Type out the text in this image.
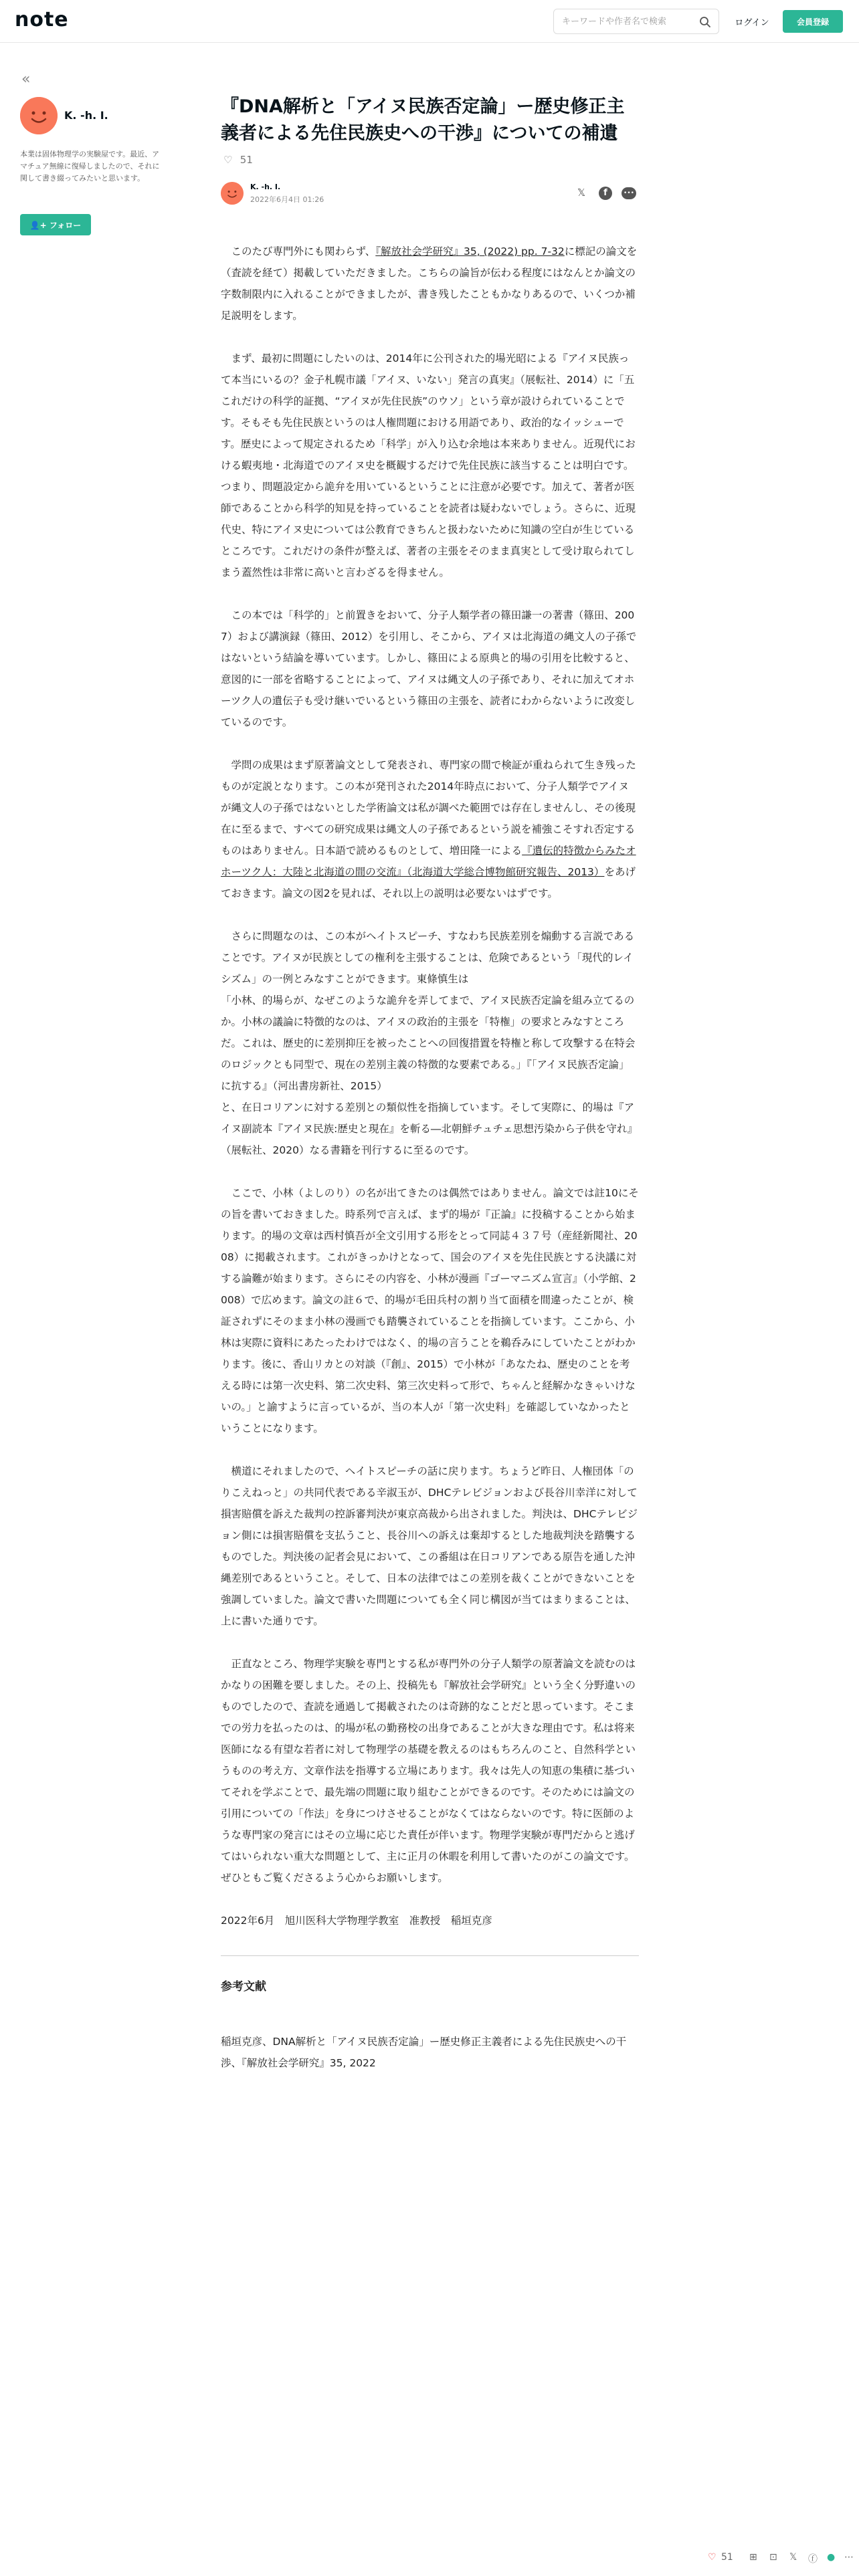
note
キーワードや作者名で検索	ログイン	会員登録
«
K. -h. I.
本業は固体物理学の実験屋です。最近、アマチュア無線に復帰しましたので、それに関して書き綴ってみたいと思います。
👤+ フォロー
『DNA解析と「アイヌ民族否定論」ー歴史修正主義者による先住民族史への干渉』についての補遺
♡ 51
K. -h. I.
2022年6月4日 01:26
𝕏 f	•••

このたび専門外にも関わらず、『解放社会学研究』35, (2022) pp. 7-32に標記の論文を（査読を経て）掲載していただきました。こちらの論旨が伝わる程度にはなんとか論文の字数制限内に入れることができましたが、書き残したこともかなりあるので、いくつか補足説明をします。

まず、最初に問題にしたいのは、2014年に公刊された的場光昭による『アイヌ民族って本当にいるの？金子札幌市議「アイヌ、いない」発言の真実』（展転社、2014）に「五　これだけの科学的証拠、“アイヌが先住民族”のウソ」という章が設けられていることです。そもそも先住民族というのは人権問題における用語であり、政治的なイッシューです。歴史によって規定されるため「科学」が入り込む余地は本来ありません。近現代における蝦夷地・北海道でのアイヌ史を概観するだけで先住民族に該当することは明白です。つまり、問題設定から詭弁を用いているということに注意が必要です。加えて、著者が医師であることから科学的知見を持っていることを読者は疑わないでしょう。さらに、近現代史、特にアイヌ史については公教育できちんと扱わないために知識の空白が生じているところです。これだけの条件が整えば、著者の主張をそのまま真実として受け取られてしまう蓋然性は非常に高いと言わざるを得ません。

この本では「科学的」と前置きをおいて、分子人類学者の篠田謙一の著書（篠田、2007）および講演録（篠田、2012）を引用し、そこから、アイヌは北海道の縄文人の子孫ではないという結論を導いています。しかし、篠田による原典と的場の引用を比較すると、意図的に一部を省略することによって、アイヌは縄文人の子孫であり、それに加えてオホーツク人の遺伝子も受け継いでいるという篠田の主張を、読者にわからないように改変しているのです。

学問の成果はまず原著論文として発表され、専門家の間で検証が重ねられて生き残ったものが定説となります。この本が発刊された2014年時点において、分子人類学でアイヌが縄文人の子孫ではないとした学術論文は私が調べた範囲では存在しませんし、その後現在に至るまで、すべての研究成果は縄文人の子孫であるという説を補強こそすれ否定するものはありません。日本語で読めるものとして、増田隆一による『遺伝的特徴からみたオホーツク人：大陸と北海道の間の交流』（北海道大学総合博物館研究報告、2013）をあげておきます。論文の図2を見れば、それ以上の説明は必要ないはずです。

さらに問題なのは、この本がヘイトスピーチ、すなわち民族差別を煽動する言説であることです。アイヌが民族としての権利を主張することは、危険であるという「現代的レイシズム」の一例とみなすことができます。東條慎生は

「小林、的場らが、なぜこのような詭弁を弄してまで、アイヌ民族否定論を組み立てるのか。小林の議論に特徴的なのは、アイヌの政治的主張を「特権」の要求とみなすところだ。これは、歴史的に差別抑圧を被ったことへの回復措置を特権と称して攻撃する在特会のロジックとも同型で、現在の差別主義の特徴的な要素である。」『「アイヌ民族否定論」に抗する』（河出書房新社、2015）

と、在日コリアンに対する差別との類似性を指摘しています。そして実際に、的場は『アイヌ副読本『アイヌ民族:歴史と現在』を斬る―北朝鮮チュチェ思想汚染から子供を守れ』（展転社、2020）なる書籍を刊行するに至るのです。

ここで、小林（よしのり）の名が出てきたのは偶然ではありません。論文では註10にその旨を書いておきました。時系列で言えば、まず的場が『正論』に投稿することから始まります。的場の文章は西村慎吾が全文引用する形をとって同誌４３７号（産経新聞社、2008）に掲載されます。これがきっかけとなって、国会のアイヌを先住民族とする決議に対する論難が始まります。さらにその内容を、小林が漫画『ゴーマニズム宣言』（小学館、2008）で広めます。論文の註６で、的場が毛田兵村の割り当て面積を間違ったことが、検証されずにそのまま小林の漫画でも踏襲されていることを指摘しています。ここから、小林は実際に資料にあたったわけではなく、的場の言うことを鵜呑みにしていたことがわかります。後に、香山リカとの対談（『創』、2015）で小林が「あなたね、歴史のことを考える時には第一次史料、第二次史料、第三次史料って形で、ちゃんと経解かなきゃいけないの。」と諭すように言っているが、当の本人が「第一次史料」を確認していなかったということになります。

横道にそれましたので、ヘイトスピーチの話に戻ります。ちょうど昨日、人権団体「のりこえねっと」の共同代表である辛淑玉が、DHCテレビジョンおよび長谷川幸洋に対して損害賠償を訴えた裁判の控訴審判決が東京高裁から出されました。判決は、DHCテレビジョン側には損害賠償を支払うこと、長谷川への訴えは棄却するとした地裁判決を踏襲するものでした。判決後の記者会見において、この番組は在日コリアンである原告を通した沖縄差別であるということ。そして、日本の法律ではこの差別を裁くことができないことを強調していました。論文で書いた問題についても全く同じ構図が当てはまりまることは、上に書いた通りです。

正直なところ、物理学実験を専門とする私が専門外の分子人類学の原著論文を読むのはかなりの困難を要しました。その上、投稿先も『解放社会学研究』という全く分野違いのものでしたので、査読を通過して掲載されたのは奇跡的なことだと思っています。そこまでの労力を払ったのは、的場が私の勤務校の出身であることが大きな理由です。私は将来医師になる有望な若者に対して物理学の基礎を教えるのはもちろんのこと、自然科学というものの考え方、文章作法を指導する立場にあります。我々は先人の知恵の集積に基づいてそれを学ぶことで、最先端の問題に取り組むことができるのです。そのためには論文の引用についての「作法」を身につけさせることがなくてはならないのです。特に医師のような専門家の発言にはその立場に応じた責任が伴います。物理学実験が専門だからと逃げてはいられない重大な問題として、主に正月の休暇を利用して書いたのがこの論文です。ぜひともご覧くださるよう心からお願いします。

2022年6月　旭川医科大学物理学教室　准教授　稲垣克彦

参考文献

稲垣克彦、DNA解析と「アイヌ民族否定論」ー歴史修正主義者による先住民族史への干渉、『解放社会学研究』35, 2022

♡ 51 ⊞ ⊡ 𝕏 ⓕ ● ⋯
